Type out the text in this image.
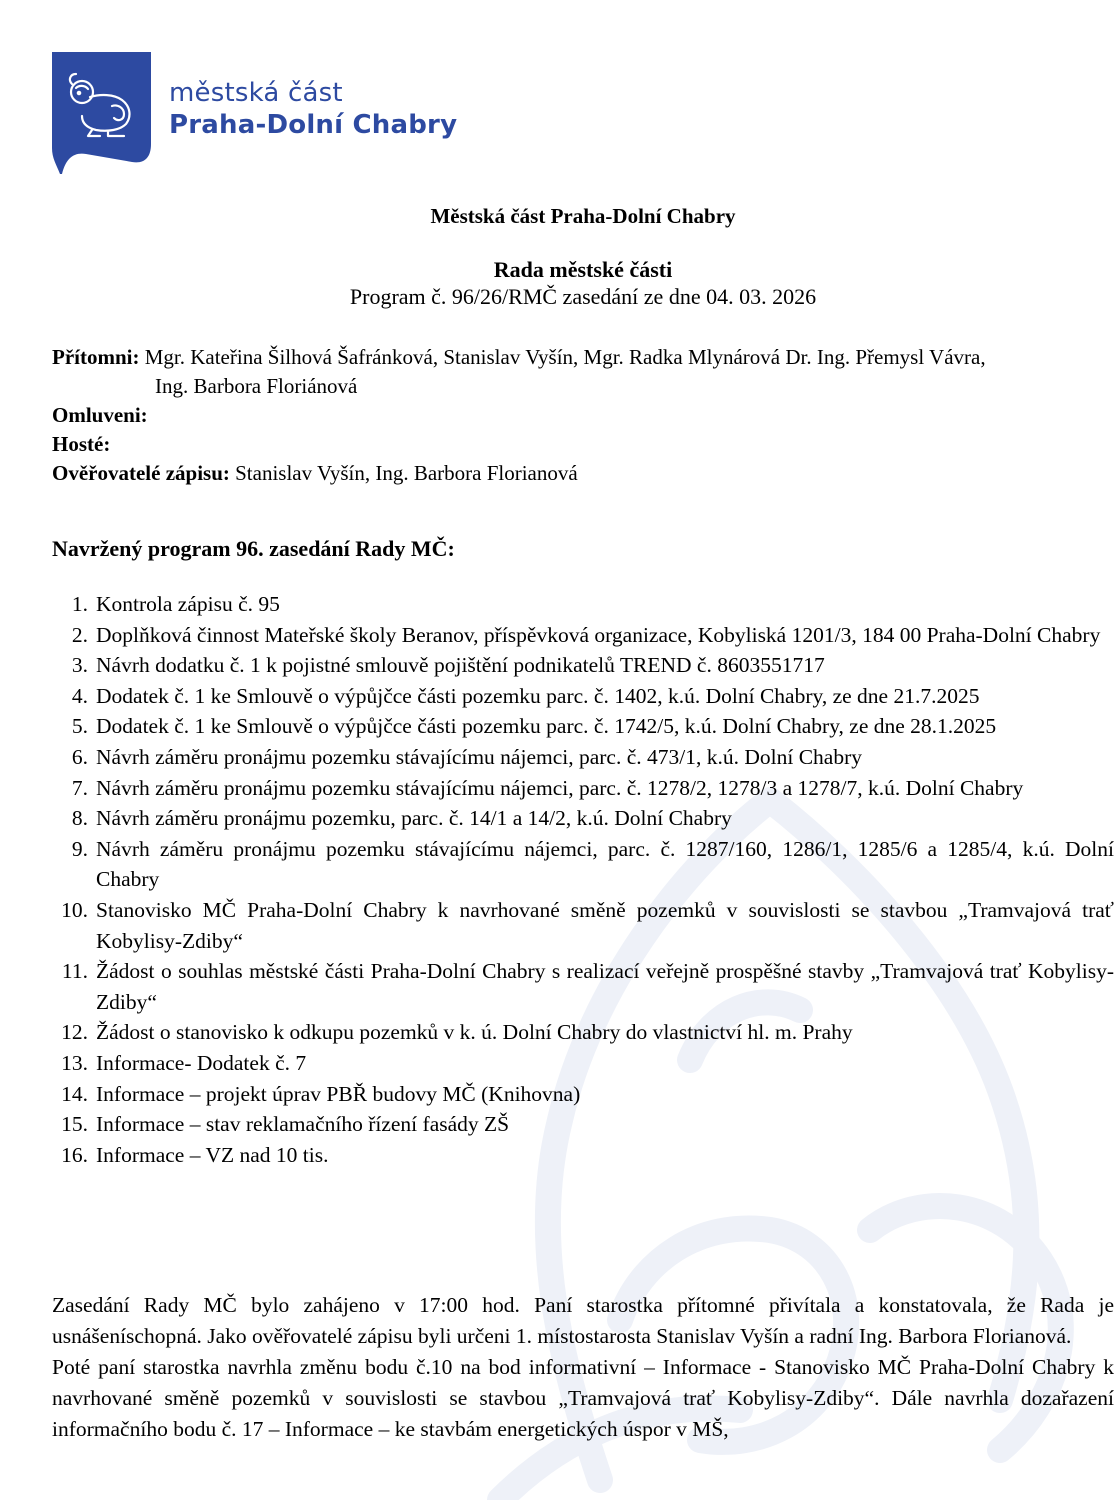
městská část
Praha-Dolní Chabry
Městská část Praha-Dolní Chabry
Rada městské části
Program č. 96/26/RMČ zasedání ze dne 04. 03. 2026
Přítomni: Mgr. Kateřina Šilhová Šafránková, Stanislav Vyšín, Mgr. Radka Mlynárová Dr. Ing. Přemysl Vávra,
Ing. Barbora Floriánová
Omluveni:
Hosté:
Ověřovatelé zápisu: Stanislav Vyšín, Ing. Barbora Florianová
Navržený program 96. zasedání Rady MČ:
1. Kontrola zápisu č. 95
2. Doplňková činnost Mateřské školy Beranov, příspěvková organizace, Kobyliská 1201/3, 184 00 Praha-Dolní Chabry
3. Návrh dodatku č. 1 k pojistné smlouvě pojištění podnikatelů TREND č. 8603551717
4. Dodatek č. 1 ke Smlouvě o výpůjčce části pozemku parc. č. 1402, k.ú. Dolní Chabry, ze dne 21.7.2025
5. Dodatek č. 1 ke Smlouvě o výpůjčce části pozemku parc. č. 1742/5, k.ú. Dolní Chabry, ze dne 28.1.2025
6. Návrh záměru pronájmu pozemku stávajícímu nájemci, parc. č. 473/1, k.ú. Dolní Chabry
7. Návrh záměru pronájmu pozemku stávajícímu nájemci, parc. č. 1278/2, 1278/3 a 1278/7, k.ú. Dolní Chabry
8. Návrh záměru pronájmu pozemku, parc. č. 14/1 a 14/2, k.ú. Dolní Chabry
9. Návrh záměru pronájmu pozemku stávajícímu nájemci, parc. č. 1287/160, 1286/1, 1285/6 a 1285/4, k.ú. Dolní Chabry
10. Stanovisko MČ Praha-Dolní Chabry k navrhované směně pozemků v souvislosti se stavbou „Tramvajová trať Kobylisy-Zdiby“
11. Žádost o souhlas městské části Praha-Dolní Chabry s realizací veřejně prospěšné stavby „Tramvajová trať Kobylisy-Zdiby“
12. Žádost o stanovisko k odkupu pozemků v k. ú. Dolní Chabry do vlastnictví hl. m. Prahy
13. Informace- Dodatek č. 7
14. Informace – projekt úprav PBŘ budovy MČ (Knihovna)
15. Informace – stav reklamačního řízení fasády ZŠ
16. Informace – VZ nad 10 tis.

Zasedání Rady MČ bylo zahájeno v 17:00 hod. Paní starostka přítomné přivítala a konstatovala, že Rada je usnášeníschopná. Jako ověřovatelé zápisu byli určeni 1. místostarosta Stanislav Vyšín a radní Ing. Barbora Florianová.

Poté paní starostka navrhla změnu bodu č.10 na bod informativní – Informace - Stanovisko MČ Praha-Dolní Chabry k navrhované směně pozemků v souvislosti se stavbou „Tramvajová trať Kobylisy-Zdiby“. Dále navrhla dozařazení informačního bodu č. 17 – Informace – ke stavbám energetických úspor v MŠ,
